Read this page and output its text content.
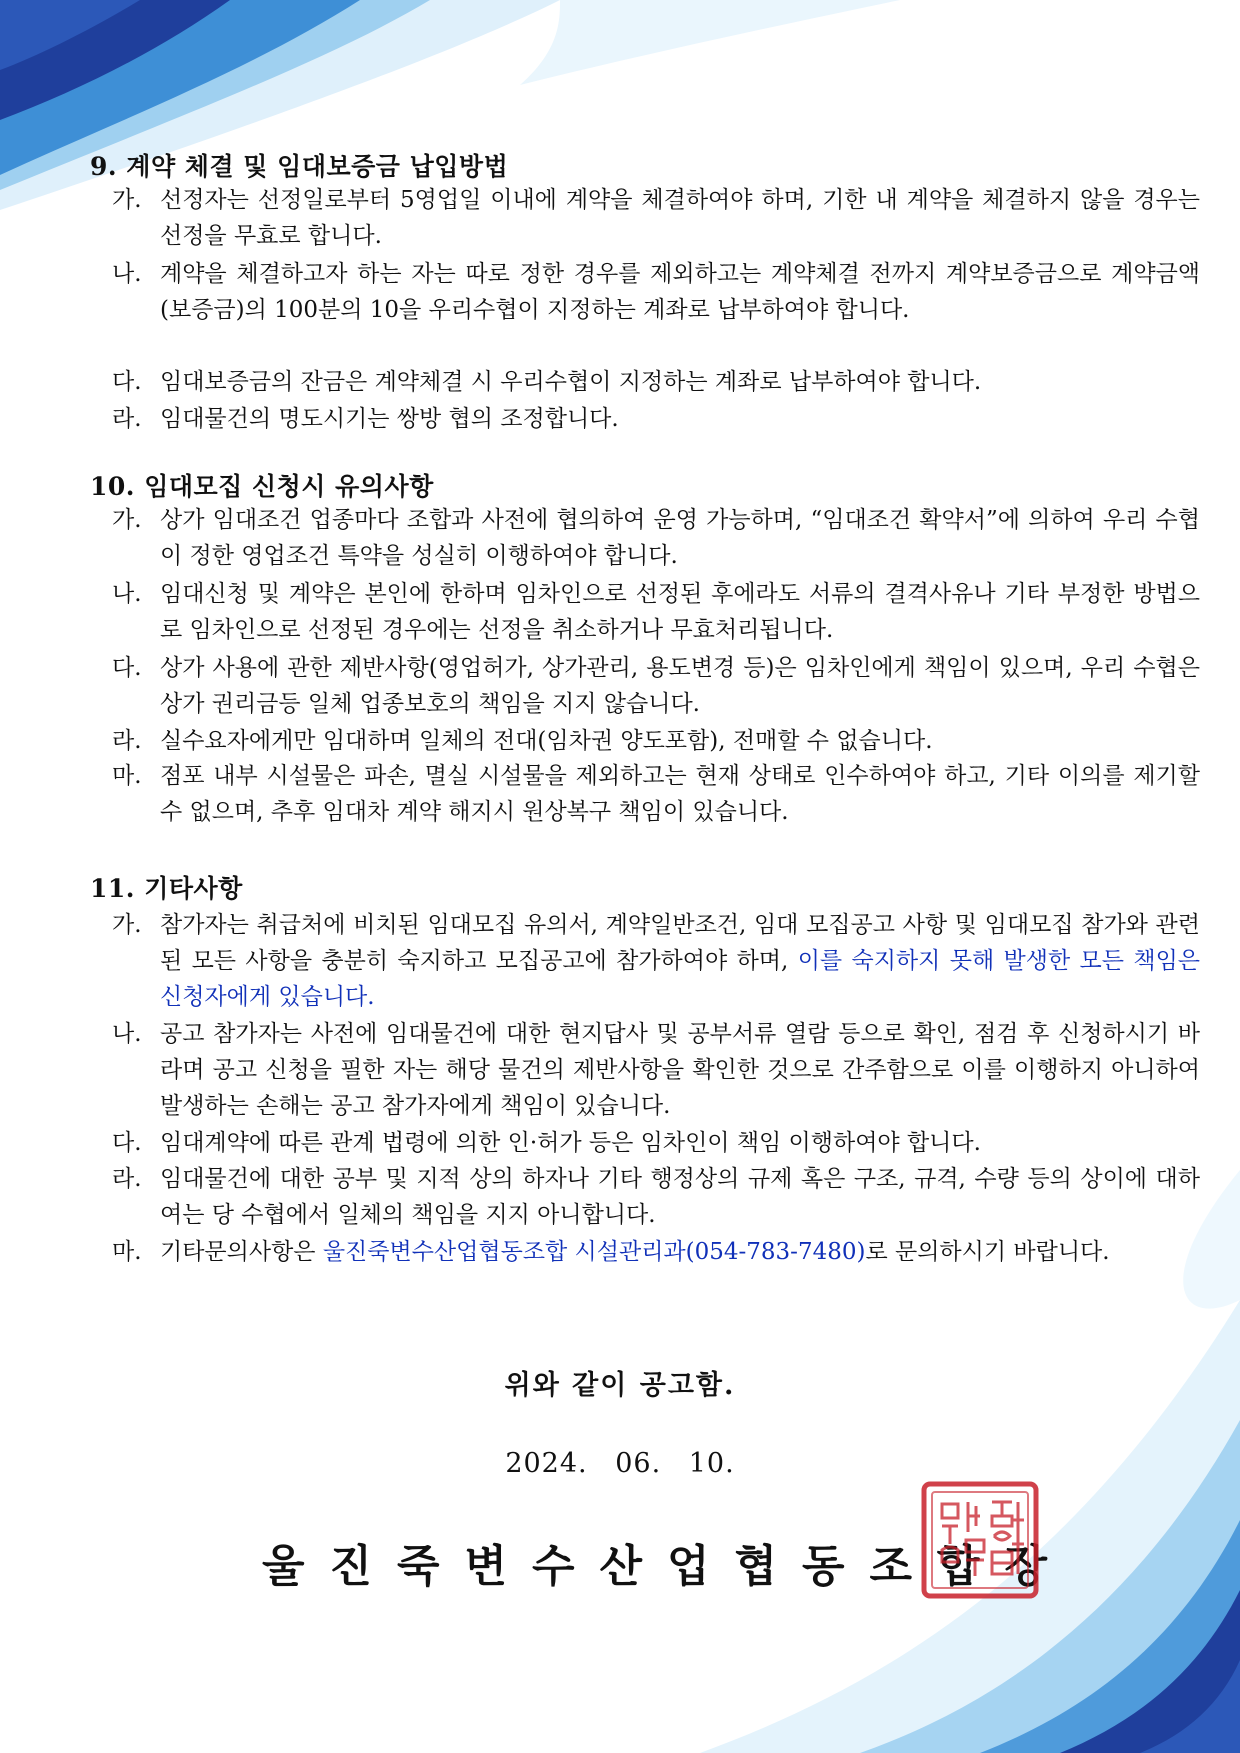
9. 계약 체결 및 임대보증금 납입방법
가. 선정자는 선정일로부터 5영업일 이내에 계약을 체결하여야 하며, 기한 내 계약을 체결하지 않을 경우는 선정을 무효로 합니다.
나. 계약을 체결하고자 하는 자는 따로 정한 경우를 제외하고는 계약체결 전까지 계약보증금으로 계약금액(보증금)의 100분의 10을 우리수협이 지정하는 계좌로 납부하여야 합니다.
다. 임대보증금의 잔금은 계약체결 시 우리수협이 지정하는 계좌로 납부하여야 합니다.
라. 임대물건의 명도시기는 쌍방 협의 조정합니다.
10. 임대모집 신청시 유의사항
가. 상가 임대조건 업종마다 조합과 사전에 협의하여 운영 가능하며, “임대조건 확약서”에 의하여 우리 수협이 정한 영업조건 특약을 성실히 이행하여야 합니다.
나. 임대신청 및 계약은 본인에 한하며 임차인으로 선정된 후에라도 서류의 결격사유나 기타 부정한 방법으로 임차인으로 선정된 경우에는 선정을 취소하거나 무효처리됩니다.
다. 상가 사용에 관한 제반사항(영업허가, 상가관리, 용도변경 등)은 임차인에게 책임이 있으며, 우리 수협은 상가 권리금등 일체 업종보호의 책임을 지지 않습니다.
라. 실수요자에게만 임대하며 일체의 전대(임차권 양도포함), 전매할 수 없습니다.
마. 점포 내부 시설물은 파손, 멸실 시설물을 제외하고는 현재 상태로 인수하여야 하고, 기타 이의를 제기할 수 없으며, 추후 임대차 계약 해지시 원상복구 책임이 있습니다.
11. 기타사항
가. 참가자는 취급처에 비치된 임대모집 유의서, 계약일반조건, 임대 모집공고 사항 및 임대모집 참가와 관련된 모든 사항을 충분히 숙지하고 모집공고에 참가하여야 하며, 이를 숙지하지 못해 발생한 모든 책임은 신청자에게 있습니다.
나. 공고 참가자는 사전에 임대물건에 대한 현지답사 및 공부서류 열람 등으로 확인, 점검 후 신청하시기 바라며 공고 신청을 필한 자는 해당 물건의 제반사항을 확인한 것으로 간주함으로 이를 이행하지 아니하여 발생하는 손해는 공고 참가자에게 책임이 있습니다.
다. 임대계약에 따른 관계 법령에 의한 인·허가 등은 임차인이 책임 이행하여야 합니다.
라. 임대물건에 대한 공부 및 지적 상의 하자나 기타 행정상의 규제 혹은 구조, 규격, 수량 등의 상이에 대하여는 당 수협에서 일체의 책임을 지지 아니합니다.
마. 기타문의사항은 울진죽변수산업협동조합 시설관리과(054-783-7480)로 문의하시기 바랍니다.
위와 같이 공고함.
2024. 06. 10.
울진죽변수산업협동조합장
